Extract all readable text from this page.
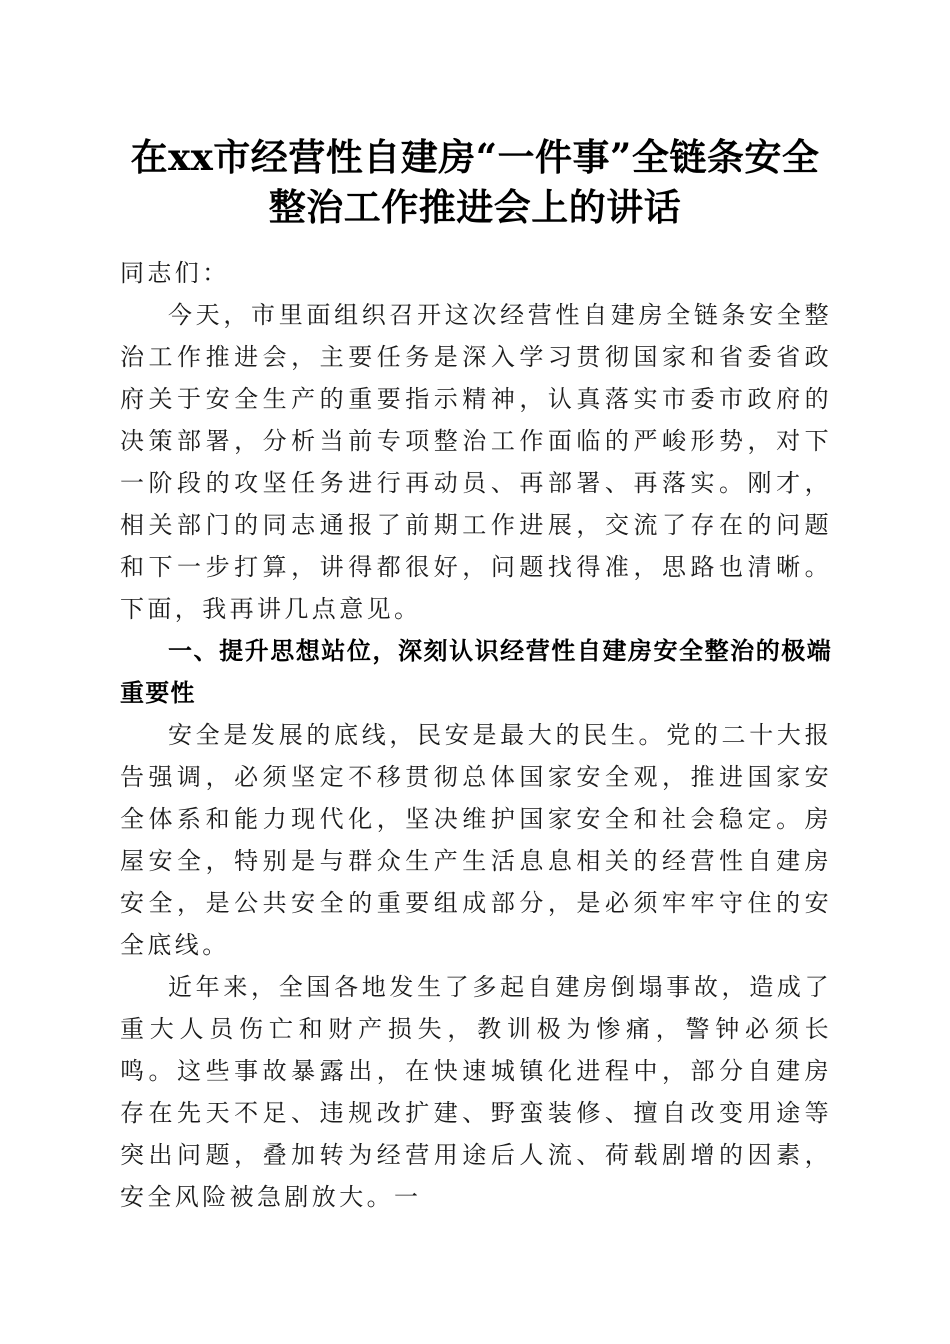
在xx市经营性自建房“一件事”全链条安全
整治工作推进会上的讲话

同志们：

今天，市里面组织召开这次经营性自建房全链条安全整治工作推进会，主要任务是深入学习贯彻国家和省委省政府关于安全生产的重要指示精神，认真落实市委市政府的决策部署，分析当前专项整治工作面临的严峻形势，对下一阶段的攻坚任务进行再动员、再部署、再落实。刚才，相关部门的同志通报了前期工作进展，交流了存在的问题和下一步打算，讲得都很好，问题找得准，思路也清晰。下面，我再讲几点意见。

一、提升思想站位，深刻认识经营性自建房安全整治的极端重要性

安全是发展的底线，民安是最大的民生。党的二十大报告强调，必须坚定不移贯彻总体国家安全观，推进国家安全体系和能力现代化，坚决维护国家安全和社会稳定。房屋安全，特别是与群众生产生活息息相关的经营性自建房安全，是公共安全的重要组成部分，是必须牢牢守住的安全底线。

近年来，全国各地发生了多起自建房倒塌事故，造成了重大人员伤亡和财产损失，教训极为惨痛，警钟必须长鸣。这些事故暴露出，在快速城镇化进程中，部分自建房存在先天不足、违规改扩建、野蛮装修、擅自改变用途等突出问题，叠加转为经营用途后人流、荷载剧增的因素，安全风险被急剧放大。一
